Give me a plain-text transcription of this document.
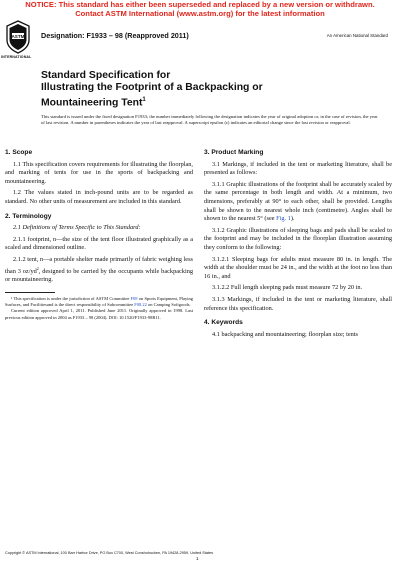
NOTICE: This standard has either been superseded and replaced by a new version or withdrawn.
Contact ASTM International (www.astm.org) for the latest information
ASTM
INTERNATIONAL
Designation: F1933 – 98 (Reapproved 2011)	An American National Standard
Standard Specification for
Illustrating the Footprint of a Backpacking or
Mountaineering Tent$^1$
This standard is issued under the fixed designation F1933; the number immediately following the designation indicates the year of original adoption or, in the case of revision, the year of last revision. A number in parentheses indicates the year of last reapproval. A superscript epsilon (ε) indicates an editorial change since the last revision or reapproval.
1. Scope
1.1 This specification covers requirements for illustrating the floorplan, and marking of tents for use in the sports of backpacking and mountaineering.
1.2 The values stated in inch-pound units are to be regarded as standard. No other units of measurement are included in this standard.
2. Terminology
2.1 Definitions of Terms Specific to This Standard:
2.1.1 footprint, n—the size of the tent floor illustrated graphically as a scaled and dimensioned outline.
2.1.2 tent, n—a portable shelter made primarily of fabric weighing less than 3 $oz/yd^2$, designed to be carried by the occupants while backpacking or mountaineering.
¹ This specification is under the jurisdiction of ASTM Committee F08 on Sports Equipment, Playing Surfaces, and Facilitiesand is the direct responsibility of Subcommittee F08.22 on Camping Softgoods.
Current edition approved April 1, 2011. Published June 2011. Originally approved in 1998. Last previous edition approved in 2004 as F1933 – 98 (2004). DOI: 10.1520/F1933-98R11.
3. Product Marking
3.1 Markings, if included in the tent or marketing literature, shall be presented as follows:
3.1.1 Graphic illustrations of the footprint shall be accurately scaled by the same percentage in both length and width. At a minimum, two dimensions, preferably at 90° to each other, shall be provided. Lengths shall be shown to the nearest whole inch (centimetre). Angles shall be shown to the nearest 5° (see Fig. 1).
3.1.2 Graphic illustrations of sleeping bags and pads shall be scaled to the footprint and may be included in the floorplan illustration assuming they conform to the following:
3.1.2.1 Sleeping bags for adults must measure 80 in. in length. The width at the shoulder must be 24 in., and the width at the foot no less than 16 in., and
3.1.2.2 Full length sleeping pads must measure 72 by 20 in.
3.1.3 Markings, if included in the tent or marketing literature, shall reference this specification.
4. Keywords
4.1 backpacking and mountaineering; floorplan size; tents
Copyright © ASTM International, 100 Barr Harbor Drive, PO Box C700, West Conshohocken, PA 19428-2959. United States
1
